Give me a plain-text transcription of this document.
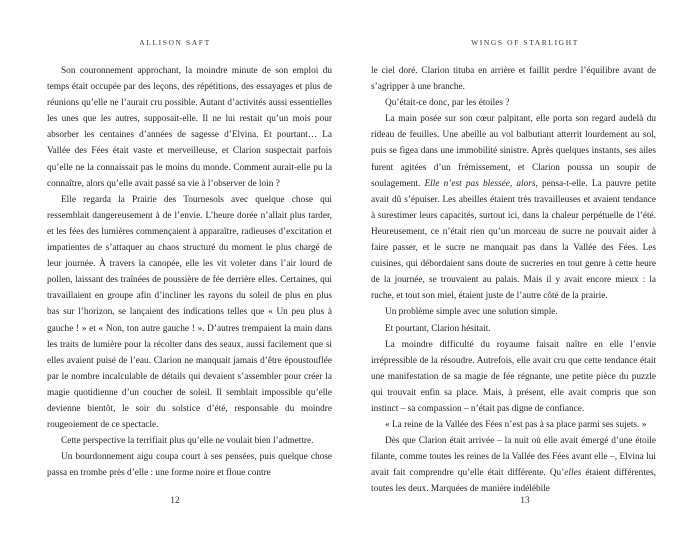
ALLISON SAFT

Son couronnement approchant, la moindre minute de son emploi du temps était occupée par des leçons, des répétitions, des essayages et plus de réunions qu’elle ne l’aurait cru possible. Autant d’activités aussi essentielles les unes que les autres, supposait-elle. Il ne lui restait qu’un mois pour absorber les centaines d’années de sagesse d’Elvina. Et pourtant… La Vallée des Fées était vaste et merveilleuse, et Clarion suspectait parfois qu’elle ne la connaissait pas le moins du monde. Comment aurait-elle pu la connaître, alors qu’elle avait passé sa vie à l’observer de loin ?

Elle regarda la Prairie des Tournesols avec quelque chose qui ressemblait dangereusement à de l’envie. L’heure dorée n’allait plus tarder, et les fées des lumières commençaient à apparaître, radieuses d’excitation et impatientes de s’attaquer au chaos structuré du moment le plus chargé de leur journée. À travers la canopée, elle les vit voleter dans l’air lourd de pollen, laissant des traînées de poussière de fée derrière elles. Certaines, qui travaillaient en groupe afin d’incliner les rayons du soleil de plus en plus bas sur l’horizon, se lançaient des indications telles que « Un peu plus à gauche ! » et « Non, ton autre gauche ! ». D’autres trempaient la main dans les traits de lumière pour la récolter dans des seaux, aussi facilement que si elles avaient puisé de l’eau. Clarion ne manquait jamais d’être époustouflée par le nombre incalculable de détails qui devaient s’assembler pour créer la magie quotidienne d’un coucher de soleil. Il semblait impossible qu’elle devienne bientôt, le soir du solstice d’été, responsable du moindre rougeoiement de ce spectacle.

Cette perspective la terrifiait plus qu’elle ne voulait bien l’admettre.

Un bourdonnement aigu coupa court à ses pensées, puis quelque chose passa en trombe près d’elle : une forme noire et floue contre

12
WINGS OF STARLIGHT

le ciel doré. Clarion tituba en arrière et faillit perdre l’équilibre avant de s’agripper à une branche.

Qu’était-ce donc, par les étoiles ?

La main posée sur son cœur palpitant, elle porta son regard audelà du rideau de feuilles. Une abeille au vol balbutiant atterrit lourdement au sol, puis se figea dans une immobilité sinistre. Après quelques instants, ses ailes furent agitées d’un frémissement, et Clarion poussa un soupir de soulagement. Elle n’est pas blessée, alors, pensa-t-elle. La pauvre petite avait dû s’épuiser. Les abeilles étaient très travailleuses et avaient tendance à surestimer leurs capacités, surtout ici, dans la chaleur perpétuelle de l’été. Heureusement, ce n’était rien qu’un morceau de sucre ne pouvait aider à faire passer, et le sucre ne manquait pas dans la Vallée des Fées. Les cuisines, qui débordaient sans doute de sucreries en tout genre à cette heure de la journée, se trouvaient au palais. Mais il y avait encore mieux : la ruche, et tout son miel, étaient juste de l’autre côté de la prairie.

Un problème simple avec une solution simple.

Et pourtant, Clarion hésitait.

La moindre difficulté du royaume faisait naître en elle l’envie irrépressible de la résoudre. Autrefois, elle avait cru que cette tendance était une manifestation de sa magie de fée régnante, une petite pièce du puzzle qui trouvait enfin sa place. Mais, à présent, elle avait compris que son instinct – sa compassion – n’était pas digne de confiance.

« La reine de la Vallée des Fées n’est pas à sa place parmi ses sujets. »

Dès que Clarion était arrivée – la nuit où elle avait émergé d’une étoile filante, comme toutes les reines de la Vallée des Fées avant elle –, Elvina lui avait fait comprendre qu’elle était différente. Qu’elles étaient différentes, toutes les deux. Marquées de manière indélébile

13
